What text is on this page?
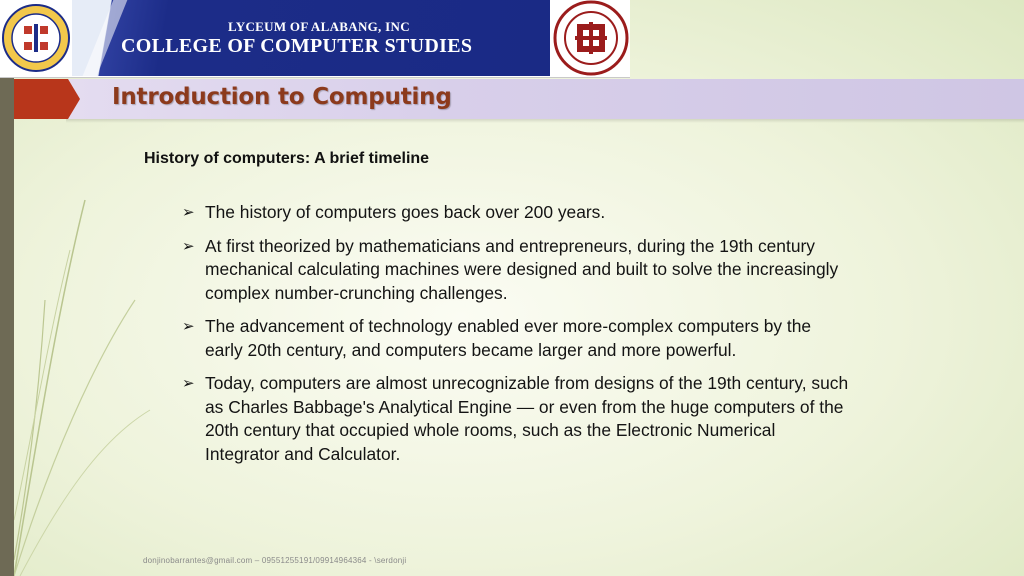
LYCEUM OF ALABANG, INC
COLLEGE OF COMPUTER STUDIES
Introduction to Computing
History of computers: A brief timeline
➢ The history of computers goes back over 200 years.
➢ At first theorized by mathematicians and entrepreneurs, during the 19th century mechanical calculating machines were designed and built to solve the increasingly complex number-crunching challenges.
➢ The advancement of technology enabled ever more-complex computers by the early 20th century, and computers became larger and more powerful.
➢ Today, computers are almost unrecognizable from designs of the 19th century, such as Charles Babbage's Analytical Engine — or even from the huge computers of the 20th century that occupied whole rooms, such as the Electronic Numerical Integrator and Calculator.
donjinobarrantes@gmail.com – 09551255191/09914964364 - \serdonji
